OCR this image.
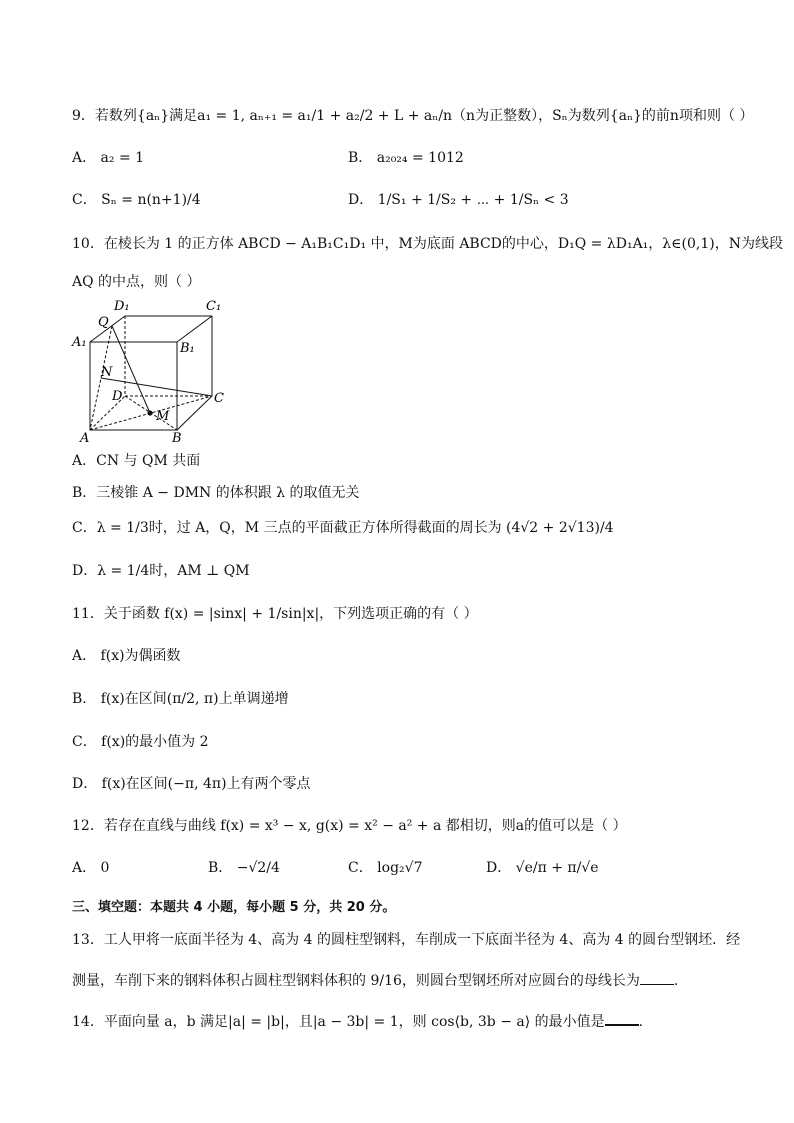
9．若数列{aₙ}满足a₁ = 1, aₙ₊₁ = a₁/1 + a₂/2 + L + aₙ/n（n为正整数），Sₙ为数列{aₙ}的前n项和则（ ）
A． a₂ = 1	B． a₂₀₂₄ = 1012
C． Sₙ = n(n+1)/4	D． 1/S₁ + 1/S₂ + ⋯ + 1/Sₙ < 3
10．在棱长为 1 的正方体 ABCD − A₁B₁C₁D₁ 中，M为底面 ABCD的中心，D₁Q = λD₁A₁，λ∈(0,1)，N为线段
AQ 的中点，则（ ）
D₁	C₁
Q
A₁	B₁
N
D	C
M
A	B
A．CN 与 QM 共面
B．三棱锥 A − DMN 的体积跟 λ 的取值无关
C．λ = 1/3时，过 A，Q，M 三点的平面截正方体所得截面的周长为 (4√2 + 2√13)/4
D．λ = 1/4时，AM ⊥ QM
11．关于函数 f(x) = |sinx| + 1/sin|x|，下列选项正确的有（ ）
A． f(x)为偶函数
B． f(x)在区间(π/2, π)上单调递增
C． f(x)的最小值为 2
D． f(x)在区间(−π, 4π)上有两个零点
12．若存在直线与曲线 f(x) = x³ − x, g(x) = x² − a² + a 都相切，则a的值可以是（ ）
A． 0	B． −√2/4	C． log₂√7	D． √e/π + π/√e
三、填空题：本题共 4 小题，每小题 5 分，共 20 分。
13．工人甲将一底面半径为 4、高为 4 的圆柱型钢料，车削成一下底面半径为 4、高为 4 的圆台型钢坯．经
测量，车削下来的钢料体积占圆柱型钢料体积的 9/16，则圆台型钢坯所对应圆台的母线长为 .
14．平面向量 a，b 满足|a| = |b|，且|a − 3b| = 1，则 cos⟨b, 3b − a⟩ 的最小值是 .
